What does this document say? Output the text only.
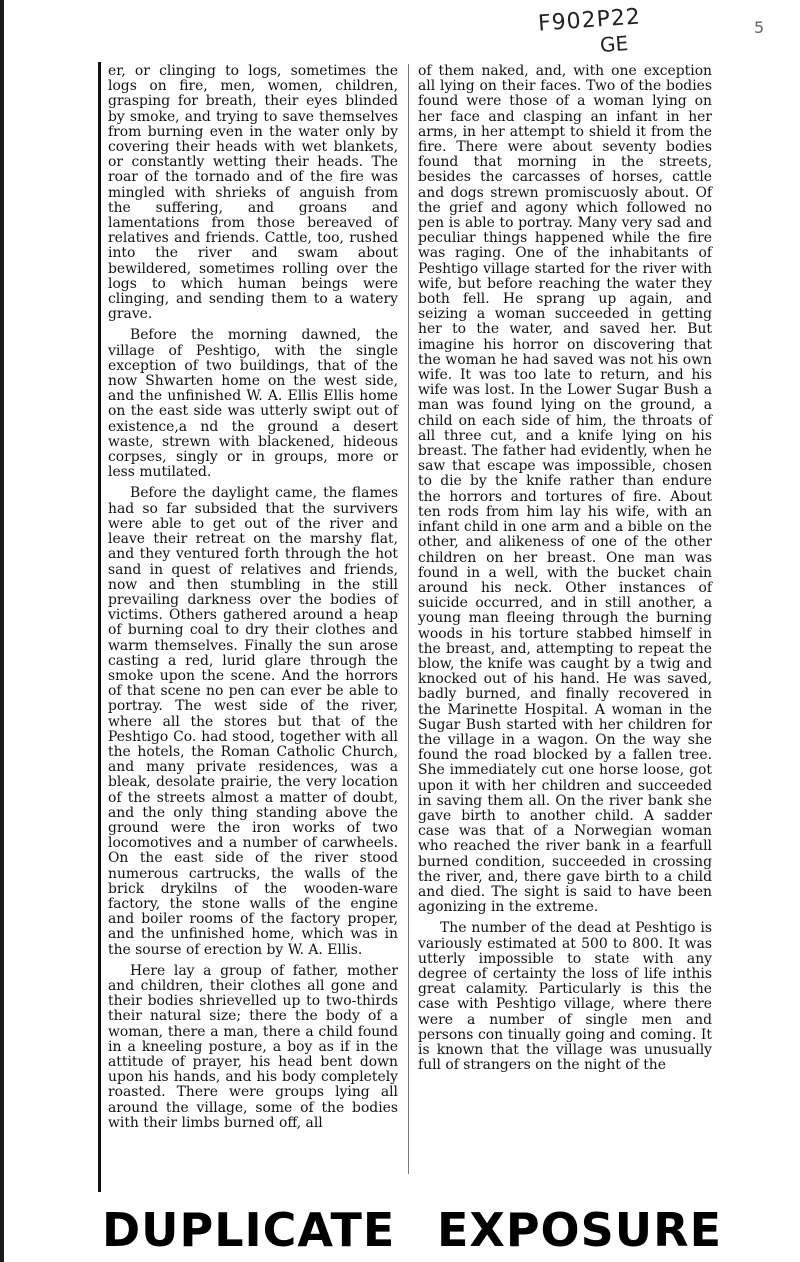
F902P22
GE
5

er, or clinging to logs, sometimes the logs on fire, men, women, children, grasping for breath, their eyes blinded by smoke, and trying to save themselves from burning even in the water only by covering their heads with wet blankets, or constantly wetting their heads. The roar of the tornado and of the fire was mingled with shrieks of anguish from the suffering, and groans and lamentations from those bereaved of relatives and friends. Cattle, too, rushed into the river and swam about bewildered, sometimes rolling over the logs to which human beings were clinging, and sending them to a watery grave.

Before the morning dawned, the village of Peshtigo, with the single exception of two buildings, that of the now Shwarten home on the west side, and the unfinished W. A. Ellis Ellis home on the east side was utterly swipt out of existence,a nd the ground a desert waste, strewn with blackened, hideous corpses, singly or in groups, more or less mutilated.

Before the daylight came, the flames had so far subsided that the survivers were able to get out of the river and leave their retreat on the marshy flat, and they ventured forth through the hot sand in quest of relatives and friends, now and then stumbling in the still prevailing darkness over the bodies of victims. Others gathered around a heap of burning coal to dry their clothes and warm themselves. Finally the sun arose casting a red, lurid glare through the smoke upon the scene. And the horrors of that scene no pen can ever be able to portray. The west side of the river, where all the stores but that of the Peshtigo Co. had stood, together with all the hotels, the Roman Catholic Church, and many private residences, was a bleak, desolate prairie, the very location of the streets almost a matter of doubt, and the only thing standing above the ground were the iron works of two locomotives and a number of carwheels. On the east side of the river stood numerous cartrucks, the walls of the brick drykilns of the wooden-ware factory, the stone walls of the engine and boiler rooms of the factory proper, and the unfinished home, which was in the sourse of erection by W. A. Ellis.

Here lay a group of father, mother and children, their clothes all gone and their bodies shrievelled up to two-thirds their natural size; there the body of a woman, there a man, there a child found in a kneeling posture, a boy as if in the attitude of prayer, his head bent down upon his hands, and his body completely roasted. There were groups lying all around the village, some of the bodies with their limbs burned off, all

of them naked, and, with one exception all lying on their faces. Two of the bodies found were those of a woman lying on her face and clasping an infant in her arms, in her attempt to shield it from the fire. There were about seventy bodies found that morning in the streets, besides the carcasses of horses, cattle and dogs strewn promiscuosly about. Of the grief and agony which followed no pen is able to portray. Many very sad and peculiar things happened while the fire was raging. One of the inhabitants of Peshtigo village started for the river with wife, but before reaching the water they both fell. He sprang up again, and seizing a woman succeeded in getting her to the water, and saved her. But imagine his horror on discovering that the woman he had saved was not his own wife. It was too late to return, and his wife was lost. In the Lower Sugar Bush a man was found lying on the ground, a child on each side of him, the throats of all three cut, and a knife lying on his breast. The father had evidently, when he saw that escape was impossible, chosen to die by the knife rather than endure the horrors and tortures of fire. About ten rods from him lay his wife, with an infant child in one arm and a bible on the other, and alikeness of one of the other children on her breast. One man was found in a well, with the bucket chain around his neck. Other instances of suicide occurred, and in still another, a young man fleeing through the burning woods in his torture stabbed himself in the breast, and, attempting to repeat the blow, the knife was caught by a twig and knocked out of his hand. He was saved, badly burned, and finally recovered in the Marinette Hospital. A woman in the Sugar Bush started with her children for the village in a wagon. On the way she found the road blocked by a fallen tree. She immediately cut one horse loose, got upon it with her children and succeeded in saving them all. On the river bank she gave birth to another child. A sadder case was that of a Norwegian woman who reached the river bank in a fearfull burned condition, succeeded in crossing the river, and, there gave birth to a child and died. The sight is said to have been agonizing in the extreme.

The number of the dead at Peshtigo is variously estimated at 500 to 800. It was utterly impossible to state with any degree of certainty the loss of life inthis great calamity. Particularly is this the case with Peshtigo village, where there were a number of single men and persons con tinually going and coming. It is known that the village was unusually full of strangers on the night of the

DUPLICATE EXPOSURE
